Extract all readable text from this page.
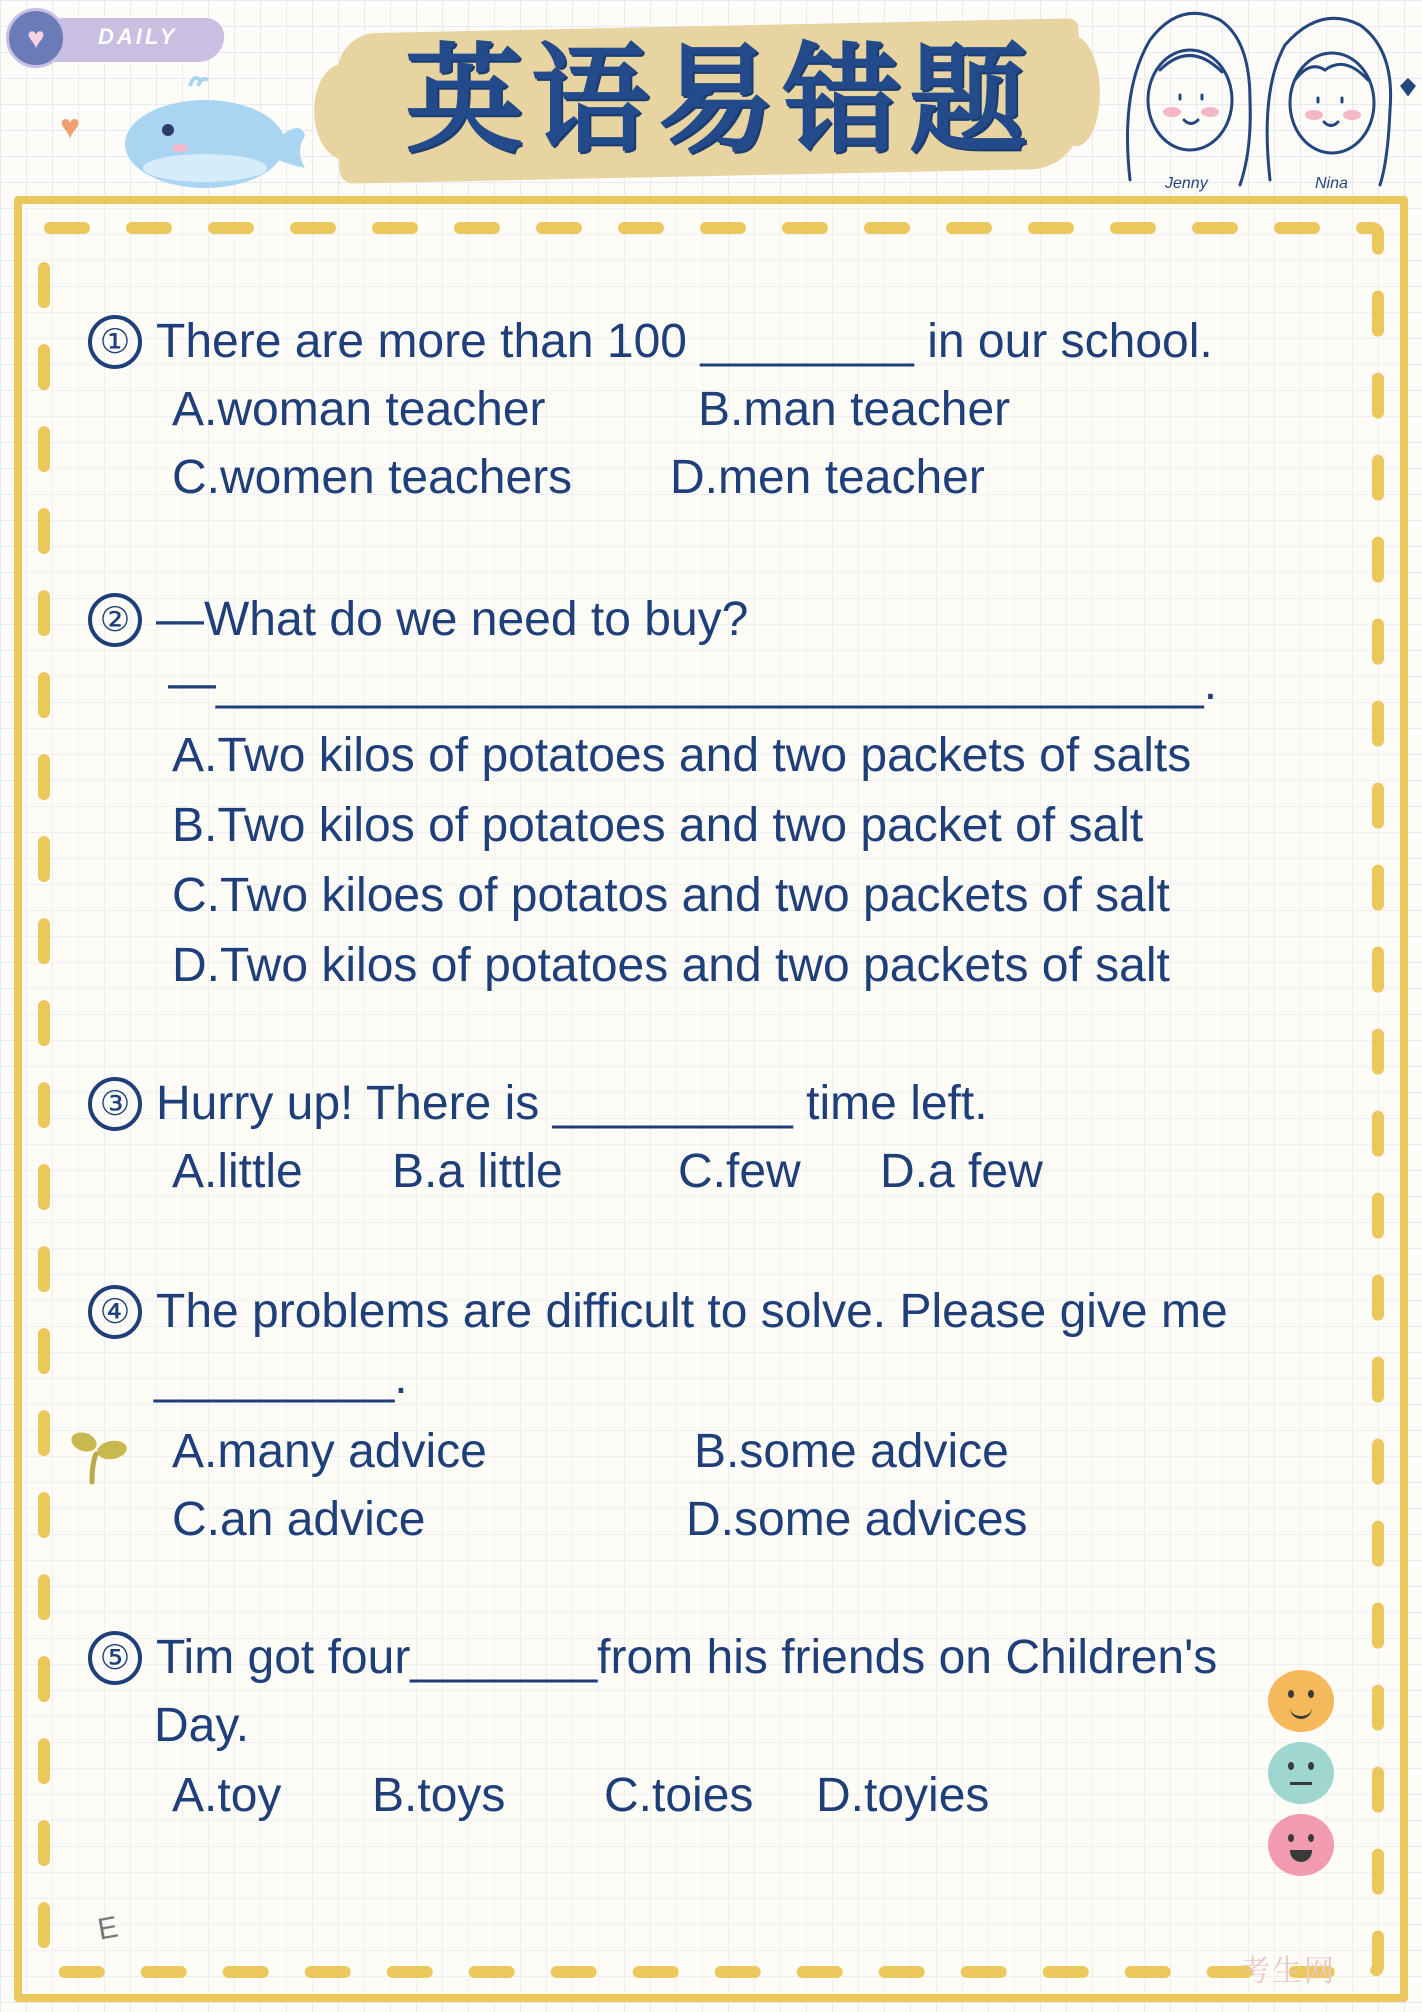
♥	DAILY
♥	英语易错题
Jenny	Nina
① There are more than 100 ________ in our school.
A.woman teacher	B.man teacher
C.women teachers D.men teacher
② —What do we need to buy?
—_____________________________________.
A.Two kilos of potatoes and two packets of salts
B.Two kilos of potatoes and two packet of salt
C.Two kiloes of potatos and two packets of salt
D.Two kilos of potatoes and two packets of salt
③ Hurry up! There is _________ time left.
A.little B.a little C.few D.a few
④ The problems are difficult to solve. Please give me
_________.
A.many advice	B.some advice
C.an advice	D.some advices
⑤ Tim got four_______from his friends on Children's
Day.
A.toy B.toys C.toies D.toyies
E
考生网
